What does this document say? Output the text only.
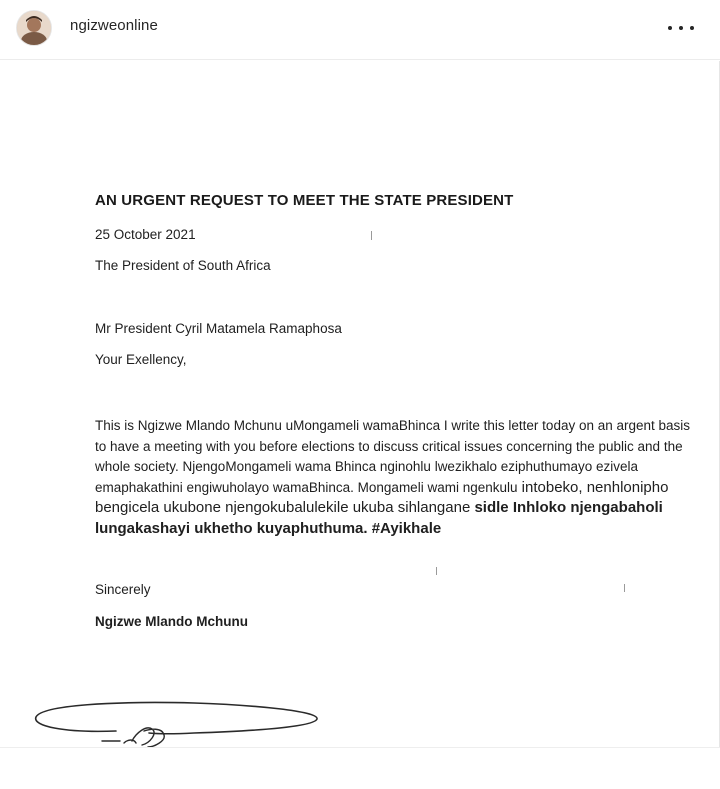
ngizweonline
AN URGENT REQUEST TO MEET THE STATE PRESIDENT
25 October 2021
The President of South Africa
Mr President Cyril Matamela Ramaphosa
Your Exellency,
This is Ngizwe Mlando Mchunu uMongameli wamaBhinca I write this letter today on an argent basis to have a meeting with you before elections to discuss critical issues concerning the public and the whole society. NjengoMongameli wama Bhinca nginohlu lwezikhalo eziphuthumayo ezivela emaphakathini engiwuholayo wamaBhinca. Mongameli wami ngenkulu intobeko, nenhlonipho bengicela ukubone njengokubalulekile ukuba sihlangane sidle Inhloko njengabaholi lungakashayi ukhetho kuyaphuthuma. #Ayikhale
Sincerely
Ngizwe Mlando Mchunu
